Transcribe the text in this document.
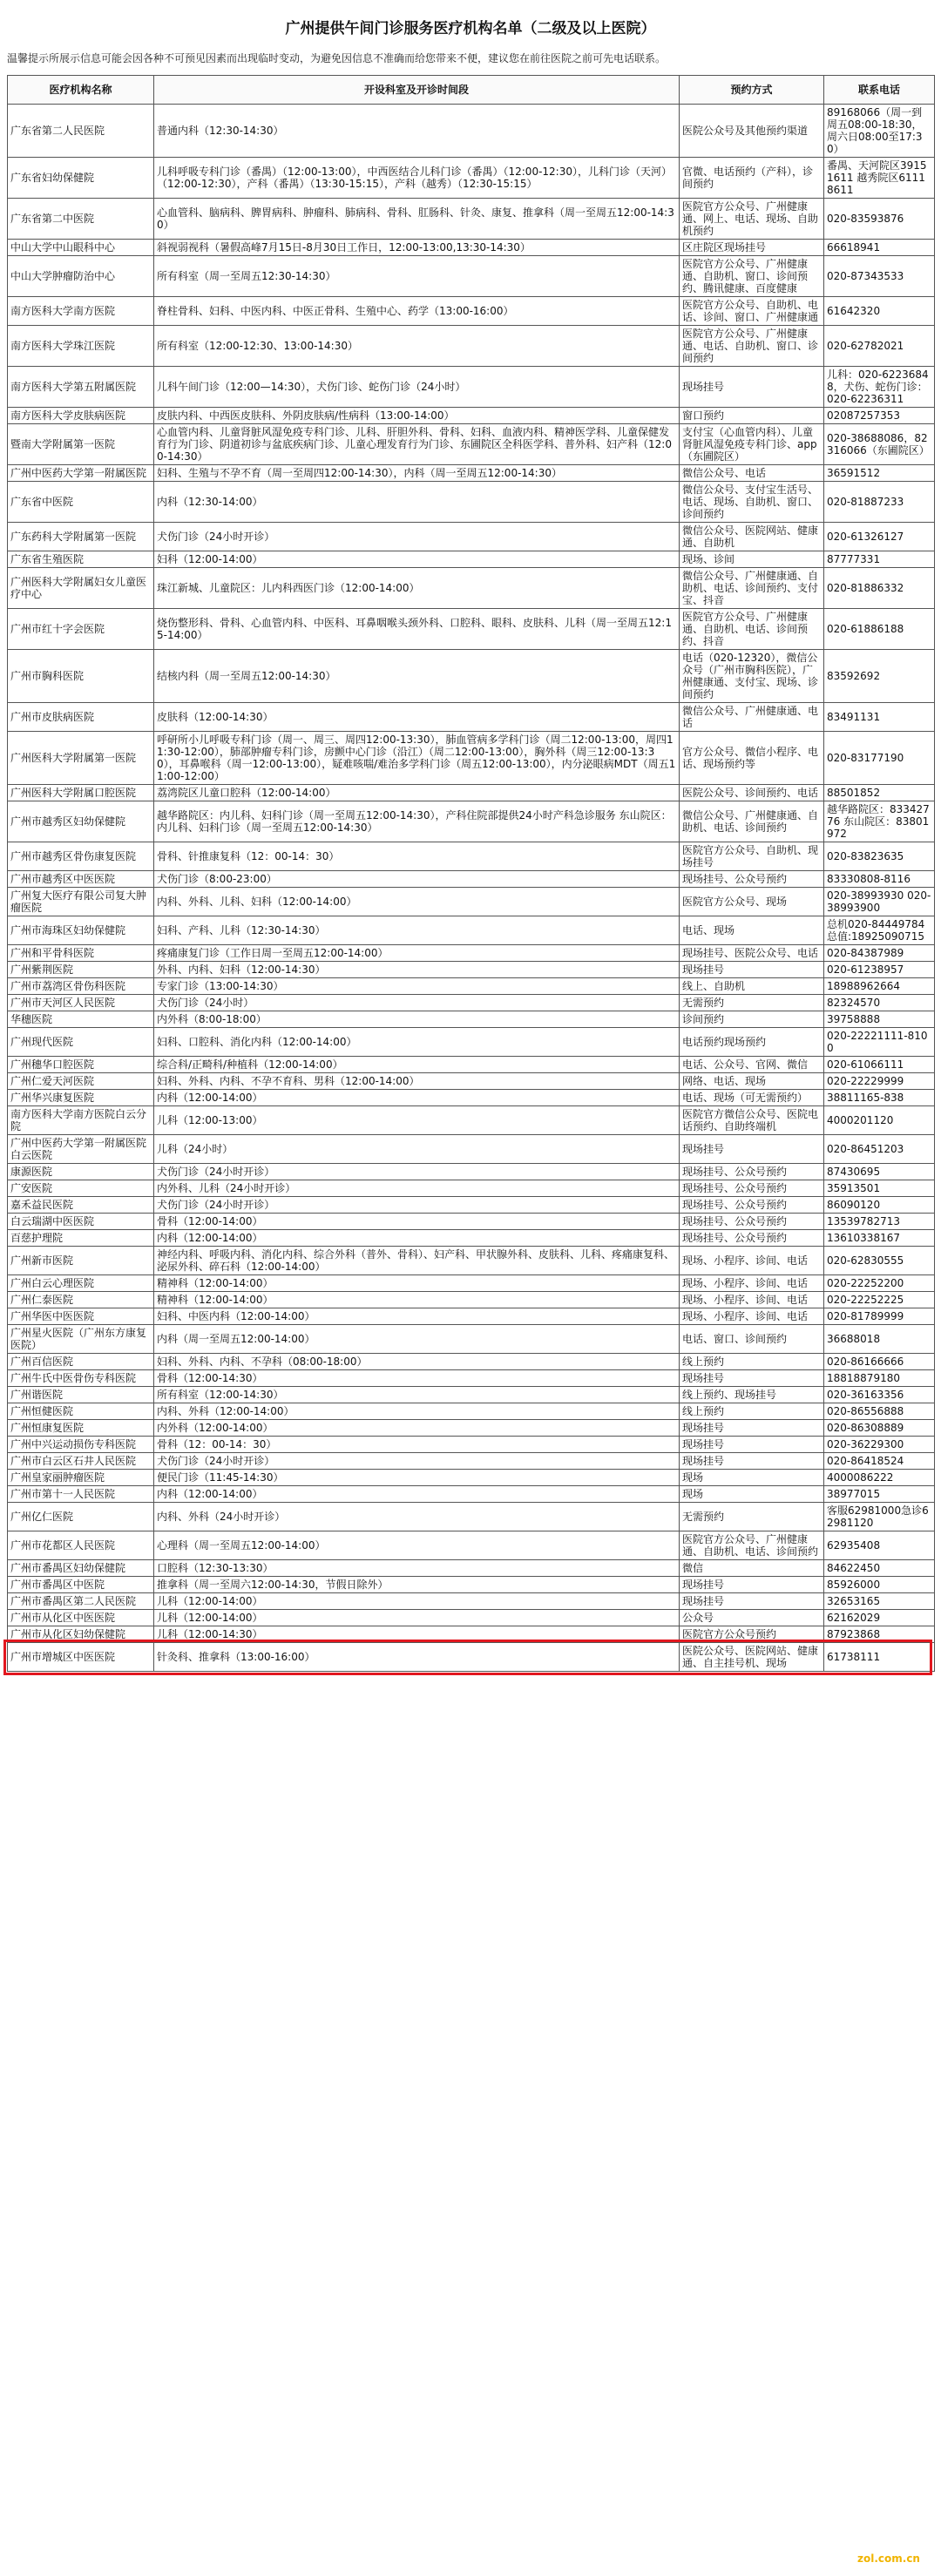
广州提供午间门诊服务医疗机构名单（二级及以上医院）
温馨提示所展示信息可能会因各种不可预见因素而出现临时变动，为避免因信息不准确而给您带来不便，建议您在前往医院之前可先电话联系。
医疗机构名称	开设科室及开诊时间段	预约方式	联系电话
广东省第二人民医院	普通内科（12:30-14:30）	医院公众号及其他预约渠道	89168066（周一到周五08:00-18:30，周六日08:00至17:30）
广东省妇幼保健院	儿科呼吸专科门诊（番禺）（12:00-13:00），中西医结合儿科门诊（番禺）（12:00-12:30），儿科门诊（天河）（12:00-12:30），产科（番禺）（13:30-15:15），产科（越秀）（12:30-15:15）	官微、电话预约（产科），诊间预约	番禺、天河院区39151611 越秀院区61118611
广东省第二中医院	心血管科、脑病科、脾胃病科、肿瘤科、肺病科、骨科、肛肠科、针灸、康复、推拿科（周一至周五12:00-14:30）	医院官方公众号、广州健康通、网上、电话、现场、自助机预约	020-83593876
中山大学中山眼科中心	斜视弱视科（暑假高峰7月15日-8月30日工作日，12:00-13:00,13:30-14:30）	区庄院区现场挂号	66618941
中山大学肿瘤防治中心	所有科室（周一至周五12:30-14:30）	医院官方公众号、广州健康通、自助机、窗口、诊间预约、腾讯健康、百度健康	020-87343533
南方医科大学南方医院	脊柱骨科、妇科、中医内科、中医正骨科、生殖中心、药学（13:00-16:00）	医院官方公众号、自助机、电话、诊间、窗口、广州健康通	61642320
南方医科大学珠江医院	所有科室（12:00-12:30、13:00-14:30）	医院官方公众号、广州健康通、电话、自助机、窗口、诊间预约	020-62782021
南方医科大学第五附属医院	儿科午间门诊（12:00—14:30），犬伤门诊、蛇伤门诊（24小时）	现场挂号	儿科：020-62236848，犬伤、蛇伤门诊：020-62236311
南方医科大学皮肤病医院	皮肤内科、中西医皮肤科、外阴皮肤病/性病科（13:00-14:00）	窗口预约	02087257353
暨南大学附属第一医院	心血管内科、儿童肾脏风湿免疫专科门诊、儿科、肝胆外科、骨科、妇科、血液内科、精神医学科、儿童保健发育行为门诊、阴道初诊与盆底疾病门诊、儿童心理发育行为门诊、东圃院区全科医学科、普外科、妇产科（12:00-14:30）	支付宝（心血管内科）、儿童肾脏风湿免疫专科门诊、app（东圃院区）	020-38688086，82316066（东圃院区）
广州中医药大学第一附属医院	妇科、生殖与不孕不育（周一至周四12:00-14:30），内科（周一至周五12:00-14:30）	微信公众号、电话	36591512
广东省中医院	内科（12:30-14:00）	微信公众号、支付宝生活号、电话、现场、自助机、窗口、诊间预约	020-81887233
广东药科大学附属第一医院	犬伤门诊（24小时开诊）	微信公众号、医院网站、健康通、自助机	020-61326127
广东省生殖医院	妇科（12:00-14:00）	现场、诊间	87777331
广州医科大学附属妇女儿童医疗中心	珠江新城、儿童院区：儿内科西医门诊（12:00-14:00）	微信公众号、广州健康通、自助机、电话、诊间预约、支付宝、抖音	020-81886332
广州市红十字会医院	烧伤整形科、骨科、心血管内科、中医科、耳鼻咽喉头颈外科、口腔科、眼科、皮肤科、儿科（周一至周五12:15-14:00）	医院官方公众号、广州健康通、自助机、电话、诊间预约、抖音	020-61886188
广州市胸科医院	结核内科（周一至周五12:00-14:30）	电话（020-12320），微信公众号（广州市胸科医院），广州健康通、支付宝、现场、诊间预约	83592692
广州市皮肤病医院	皮肤科（12:00-14:30）	微信公众号、广州健康通、电话	83491131
广州医科大学附属第一医院	呼研所小儿呼吸专科门诊（周一、周三、周四12:00-13:30），肺血管病多学科门诊（周二12:00-13:00，周四11:30-12:00），肺部肿瘤专科门诊，房颤中心门诊（沿江）（周二12:00-13:00），胸外科（周三12:00-13:30），耳鼻喉科（周一12:00-13:00），疑难咳喘/难治多学科门诊（周五12:00-13:00），内分泌眼病MDT（周五11:00-12:00）	官方公众号、微信小程序、电话、现场预约等	020-83177190
广州医科大学附属口腔医院	荔湾院区儿童口腔科（12:00-14:00）	医院公众号、诊间预约、电话	88501852
广州市越秀区妇幼保健院	越华路院区：内儿科、妇科门诊（周一至周五12:00-14:30），产科住院部提供24小时产科急诊服务 东山院区：内儿科、妇科门诊（周一至周五12:00-14:30）	微信公众号、广州健康通、自助机、电话、诊间预约	越华路院区：83342776 东山院区：83801972
广州市越秀区骨伤康复医院	骨科、针推康复科（12：00-14：30）	医院官方公众号、自助机、现场挂号	020-83823635
广州市越秀区中医医院	犬伤门诊（8:00-23:00）	现场挂号、公众号预约	83330808-8116
广州复大医疗有限公司复大肿瘤医院	内科、外科、儿科、妇科（12:00-14:00）	医院官方公众号、现场	020-38993930 020-38993900
广州市海珠区妇幼保健院	妇科、产科、儿科（12:30-14:30）	电话、现场	总机020-84449784 总值:18925090715
广州和平骨科医院	疼痛康复门诊（工作日周一至周五12:00-14:00）	现场挂号、医院公众号、电话	020-84387989
广州紫荆医院	外科、内科、妇科（12:00-14:30）	现场挂号	020-61238957
广州市荔湾区骨伤科医院	专家门诊（13:00-14:30）	线上、自助机	18988962664
广州市天河区人民医院	犬伤门诊（24小时）	无需预约	82324570
华穗医院	内外科（8:00-18:00）	诊间预约	39758888
广州现代医院	妇科、口腔科、消化内科（12:00-14:00）	电话预约现场预约	020-22221111-8100
广州穗华口腔医院	综合科/正畸科/种植科（12:00-14:00）	电话、公众号、官网、微信	020-61066111
广州仁爱天河医院	妇科、外科、内科、不孕不育科、男科（12:00-14:00）	网络、电话、现场	020-22229999
广州华兴康复医院	内科（12:00-14:00）	电话、现场（可无需预约）	38811165-838
南方医科大学南方医院白云分院	儿科（12:00-13:00）	医院官方微信公众号、医院电话预约、自助终端机	4000201120
广州中医药大学第一附属医院白云医院	儿科（24小时）	现场挂号	020-86451203
康源医院	犬伤门诊（24小时开诊）	现场挂号、公众号预约	87430695
广安医院	内外科、儿科（24小时开诊）	现场挂号、公众号预约	35913501
嘉禾益民医院	犬伤门诊（24小时开诊）	现场挂号、公众号预约	86090120
白云瑞湖中医医院	骨科（12:00-14:00）	现场挂号、公众号预约	13539782713
百慈护理院	内科（12:00-14:00）	现场挂号、公众号预约	13610338167
广州新市医院	神经内科、呼吸内科、消化内科、综合外科（普外、骨科）、妇产科、甲状腺外科、皮肤科、儿科、疼痛康复科、泌尿外科、碎石科（12:00-14:00）	现场、小程序、诊间、电话	020-62830555
广州白云心理医院	精神科（12:00-14:00）	现场、小程序、诊间、电话	020-22252200
广州仁泰医院	精神科（12:00-14:00）	现场、小程序、诊间、电话	020-22252225
广州华医中医医院	妇科、中医内科（12:00-14:00）	现场、小程序、诊间、电话	020-81789999
广州星火医院（广州东方康复医院）	内科（周一至周五12:00-14:00）	电话、窗口、诊间预约	36688018
广州百信医院	妇科、外科、内科、不孕科（08:00-18:00）	线上预约	020-86166666
广州牛氏中医骨伤专科医院	骨科（12:00-14:30）	现场挂号	18818879180
广州谐医院	所有科室（12:00-14:30）	线上预约、现场挂号	020-36163356
广州恒健医院	内科、外科（12:00-14:00）	线上预约	020-86556888
广州恒康复医院	内外科（12:00-14:00）	现场挂号	020-86308889
广州中兴运动损伤专科医院	骨科（12：00-14：30）	现场挂号	020-36229300
广州市白云区石井人民医院	犬伤门诊（24小时开诊）	现场挂号	020-86418524
广州皇家丽肿瘤医院	便民门诊（11:45-14:30）	现场	4000086222
广州市第十一人民医院	内科（12:00-14:00）	现场	38977015
广州亿仁医院	内科、外科（24小时开诊）	无需预约	客服62981000急诊62981120
广州市花都区人民医院	心理科（周一至周五12:00-14:00）	医院官方公众号、广州健康通、自助机、电话、诊间预约	62935408
广州市番禺区妇幼保健院	口腔科（12:30-13:30）	微信	84622450
广州市番禺区中医院	推拿科（周一至周六12:00-14:30，节假日除外）	现场挂号	85926000
广州市番禺区第二人民医院	儿科（12:00-14:00）	现场挂号	32653165
广州市从化区中医医院	儿科（12:00-14:00）	公众号	62162029
广州市从化区妇幼保健院	儿科（12:00-14:30）	医院官方公众号预约	87923868
广州市增城区中医医院	针灸科、推拿科（13:00-16:00）	医院公众号、医院网站、健康通、自主挂号机、现场	61738111
zol.com.cn
